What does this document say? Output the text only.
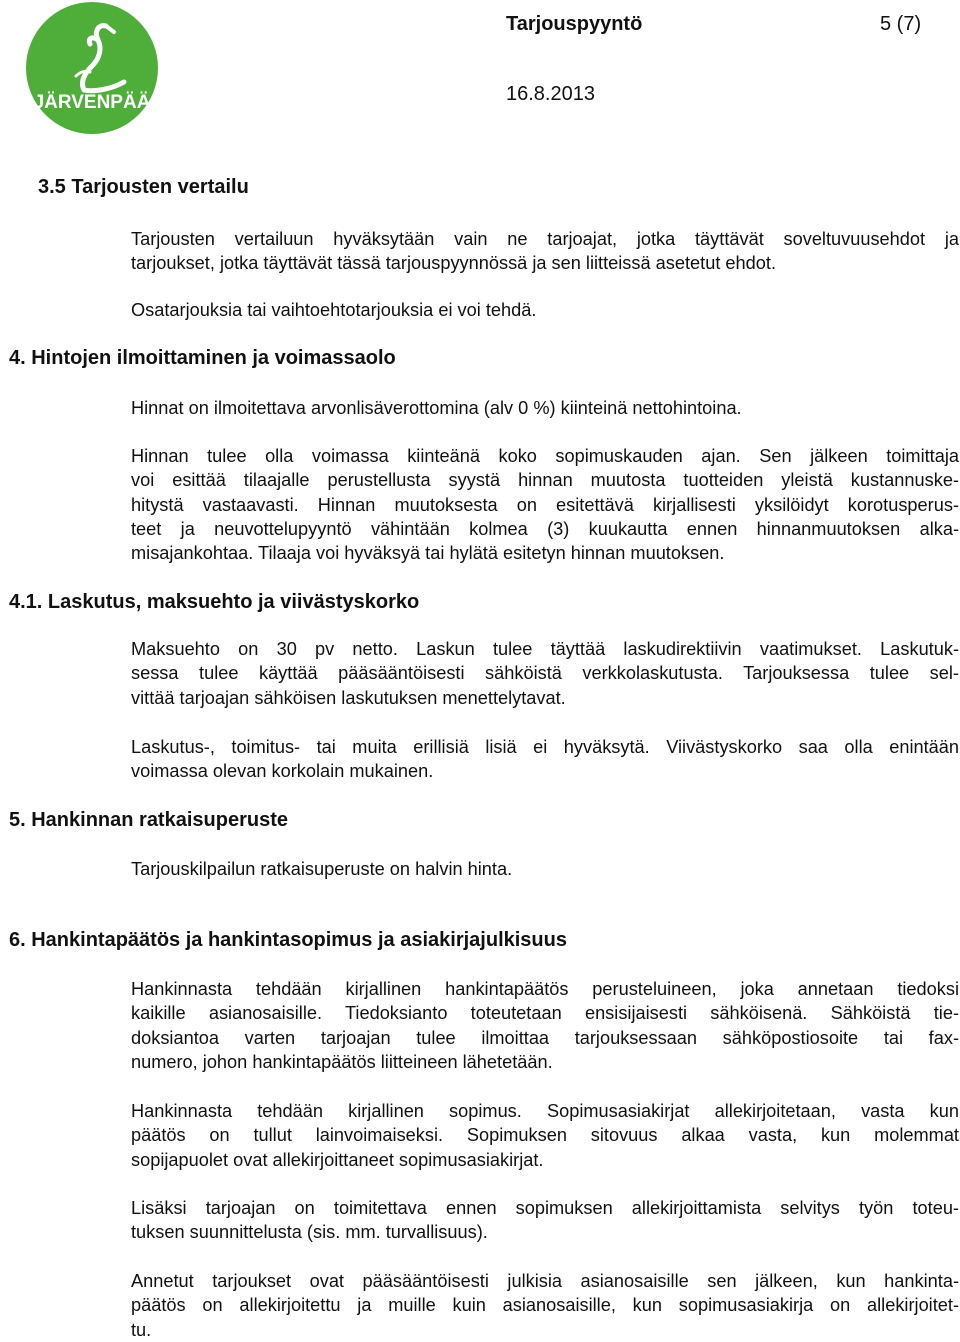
JÄRVENPÄÄ
Tarjouspyyntö	5 (7)
16.8.2013
3.5 Tarjousten vertailu
Tarjousten vertailuun hyväksytään vain ne tarjoajat, jotka täyttävät soveltuvuusehdot ja
tarjoukset, jotka täyttävät tässä tarjouspyynnössä ja sen liitteissä asetetut ehdot.
Osatarjouksia tai vaihtoehtotarjouksia ei voi tehdä.
4. Hintojen ilmoittaminen ja voimassaolo
Hinnat on ilmoitettava arvonlisäverottomina (alv 0 %) kiinteinä nettohintoina.
Hinnan tulee olla voimassa kiinteänä koko sopimuskauden ajan. Sen jälkeen toimittaja
voi esittää tilaajalle perustellusta syystä hinnan muutosta tuotteiden yleistä kustannuske-
hitystä vastaavasti. Hinnan muutoksesta on esitettävä kirjallisesti yksilöidyt korotusperus-
teet ja neuvottelupyyntö vähintään kolmea (3) kuukautta ennen hinnanmuutoksen alka-
misajankohtaa. Tilaaja voi hyväksyä tai hylätä esitetyn hinnan muutoksen.
4.1. Laskutus, maksuehto ja viivästyskorko
Maksuehto on 30 pv netto. Laskun tulee täyttää laskudirektiivin vaatimukset. Laskutuk-
sessa tulee käyttää pääsääntöisesti sähköistä verkkolaskutusta. Tarjouksessa tulee sel-
vittää tarjoajan sähköisen laskutuksen menettelytavat.
Laskutus-, toimitus- tai muita erillisiä lisiä ei hyväksytä. Viivästyskorko saa olla enintään
voimassa olevan korkolain mukainen.
5. Hankinnan ratkaisuperuste
Tarjouskilpailun ratkaisuperuste on halvin hinta.
6. Hankintapäätös ja hankintasopimus ja asiakirjajulkisuus
Hankinnasta tehdään kirjallinen hankintapäätös perusteluineen, joka annetaan tiedoksi
kaikille asianosaisille. Tiedoksianto toteutetaan ensisijaisesti sähköisenä. Sähköistä tie-
doksiantoa varten tarjoajan tulee ilmoittaa tarjouksessaan sähköpostiosoite tai fax-
numero, johon hankintapäätös liitteineen lähetetään.
Hankinnasta tehdään kirjallinen sopimus. Sopimusasiakirjat allekirjoitetaan, vasta kun
päätös on tullut lainvoimaiseksi. Sopimuksen sitovuus alkaa vasta, kun molemmat
sopijapuolet ovat allekirjoittaneet sopimusasiakirjat.
Lisäksi tarjoajan on toimitettava ennen sopimuksen allekirjoittamista selvitys työn toteu-
tuksen suunnittelusta (sis. mm. turvallisuus).
Annetut tarjoukset ovat pääsääntöisesti julkisia asianosaisille sen jälkeen, kun hankinta-
päätös on allekirjoitettu ja muille kuin asianosaisille, kun sopimusasiakirja on allekirjoitet-
tu.
